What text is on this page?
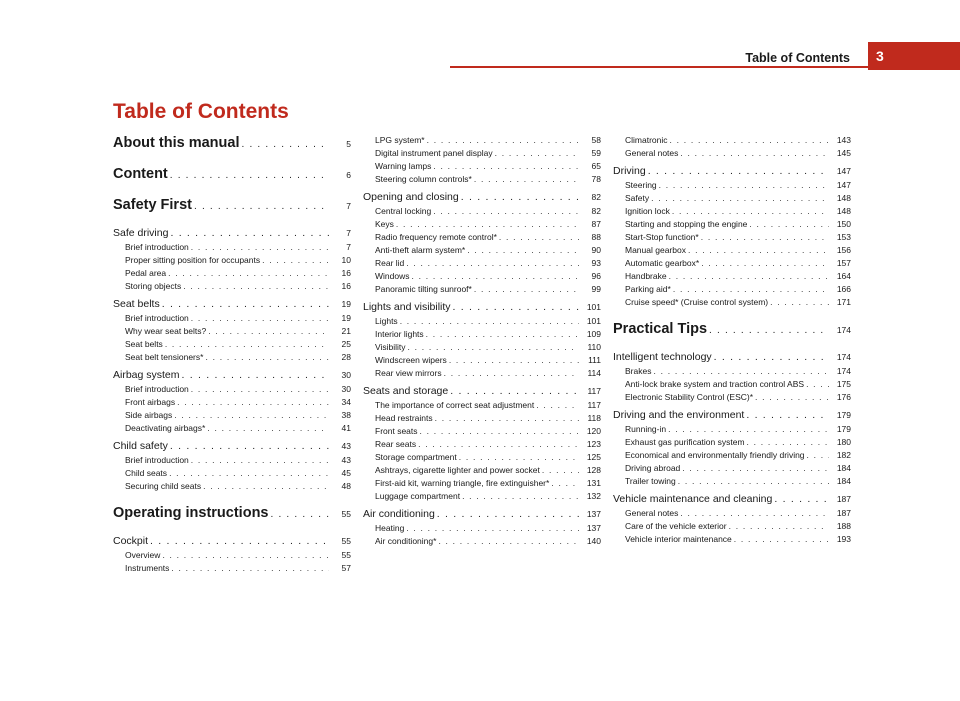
Table of Contents 3
Table of Contents
About this manual . . .	5
Content . . .	6
Safety First . . .	7
Safe driving . . .	7
Brief introduction . . .	7
Proper sitting position for occupants . . .	10
Pedal area . . .	16
Storing objects . . .	16
Seat belts . . .	19
Brief introduction . . .	19
Why wear seat belts? . . .	21
Seat belts . . .	25
Seat belt tensioners* . . .	28
Airbag system . . .	30
Brief introduction . . .	30
Front airbags . . .	34
Side airbags . . .	38
Deactivating airbags* . . .	41
Child safety . . .	43
Brief introduction . . .	43
Child seats . . .	45
Securing child seats . . .	48
Operating instructions . . .	55
Cockpit . . .	55
Overview . . .	55
Instruments . . .	57
LPG system* . . .	58
Digital instrument panel display . . .	59
Warning lamps . . .	65
Steering column controls* . . .	78
Opening and closing . . .	82
Central locking . . .	82
Keys . . .	87
Radio frequency remote control* . . .	88
Anti-theft alarm system* . . .	90
Rear lid . . .	93
Windows . . .	96
Panoramic tilting sunroof* . . .	99
Lights and visibility . . .	101
Lights . . .	101
Interior lights . . .	109
Visibility . . .	110
Windscreen wipers . . .	111
Rear view mirrors . . .	114
Seats and storage . . .	117
The importance of correct seat adjustment . . .	117
Head restraints . . .	118
Front seats . . .	120
Rear seats . . .	123
Storage compartment . . .	125
Ashtrays, cigarette lighter and power socket . . .	128
First-aid kit, warning triangle, fire extinguisher* . . .	131
Luggage compartment . . .	132
Air conditioning . . .	137
Heating . . .	137
Air conditioning* . . .	140
Climatronic . . .	143
General notes . . .	145
Driving . . .	147
Steering . . .	147
Safety . . .	148
Ignition lock . . .	148
Starting and stopping the engine . . .	150
Start-Stop function* . . .	153
Manual gearbox . . .	156
Automatic gearbox* . . .	157
Handbrake . . .	164
Parking aid* . . .	166
Cruise speed* (Cruise control system) . . .	171
Practical Tips . . .	174
Intelligent technology . . .	174
Brakes . . .	174
Anti-lock brake system and traction control ABS . . .	175
Electronic Stability Control (ESC)* . . .	176
Driving and the environment . . .	179
Running-in . . .	179
Exhaust gas purification system . . .	180
Economical and environmentally friendly driving . . .	182
Driving abroad . . .	184
Trailer towing . . .	184
Vehicle maintenance and cleaning . . .	187
General notes . . .	187
Care of the vehicle exterior . . .	188
Vehicle interior maintenance . . .	193
